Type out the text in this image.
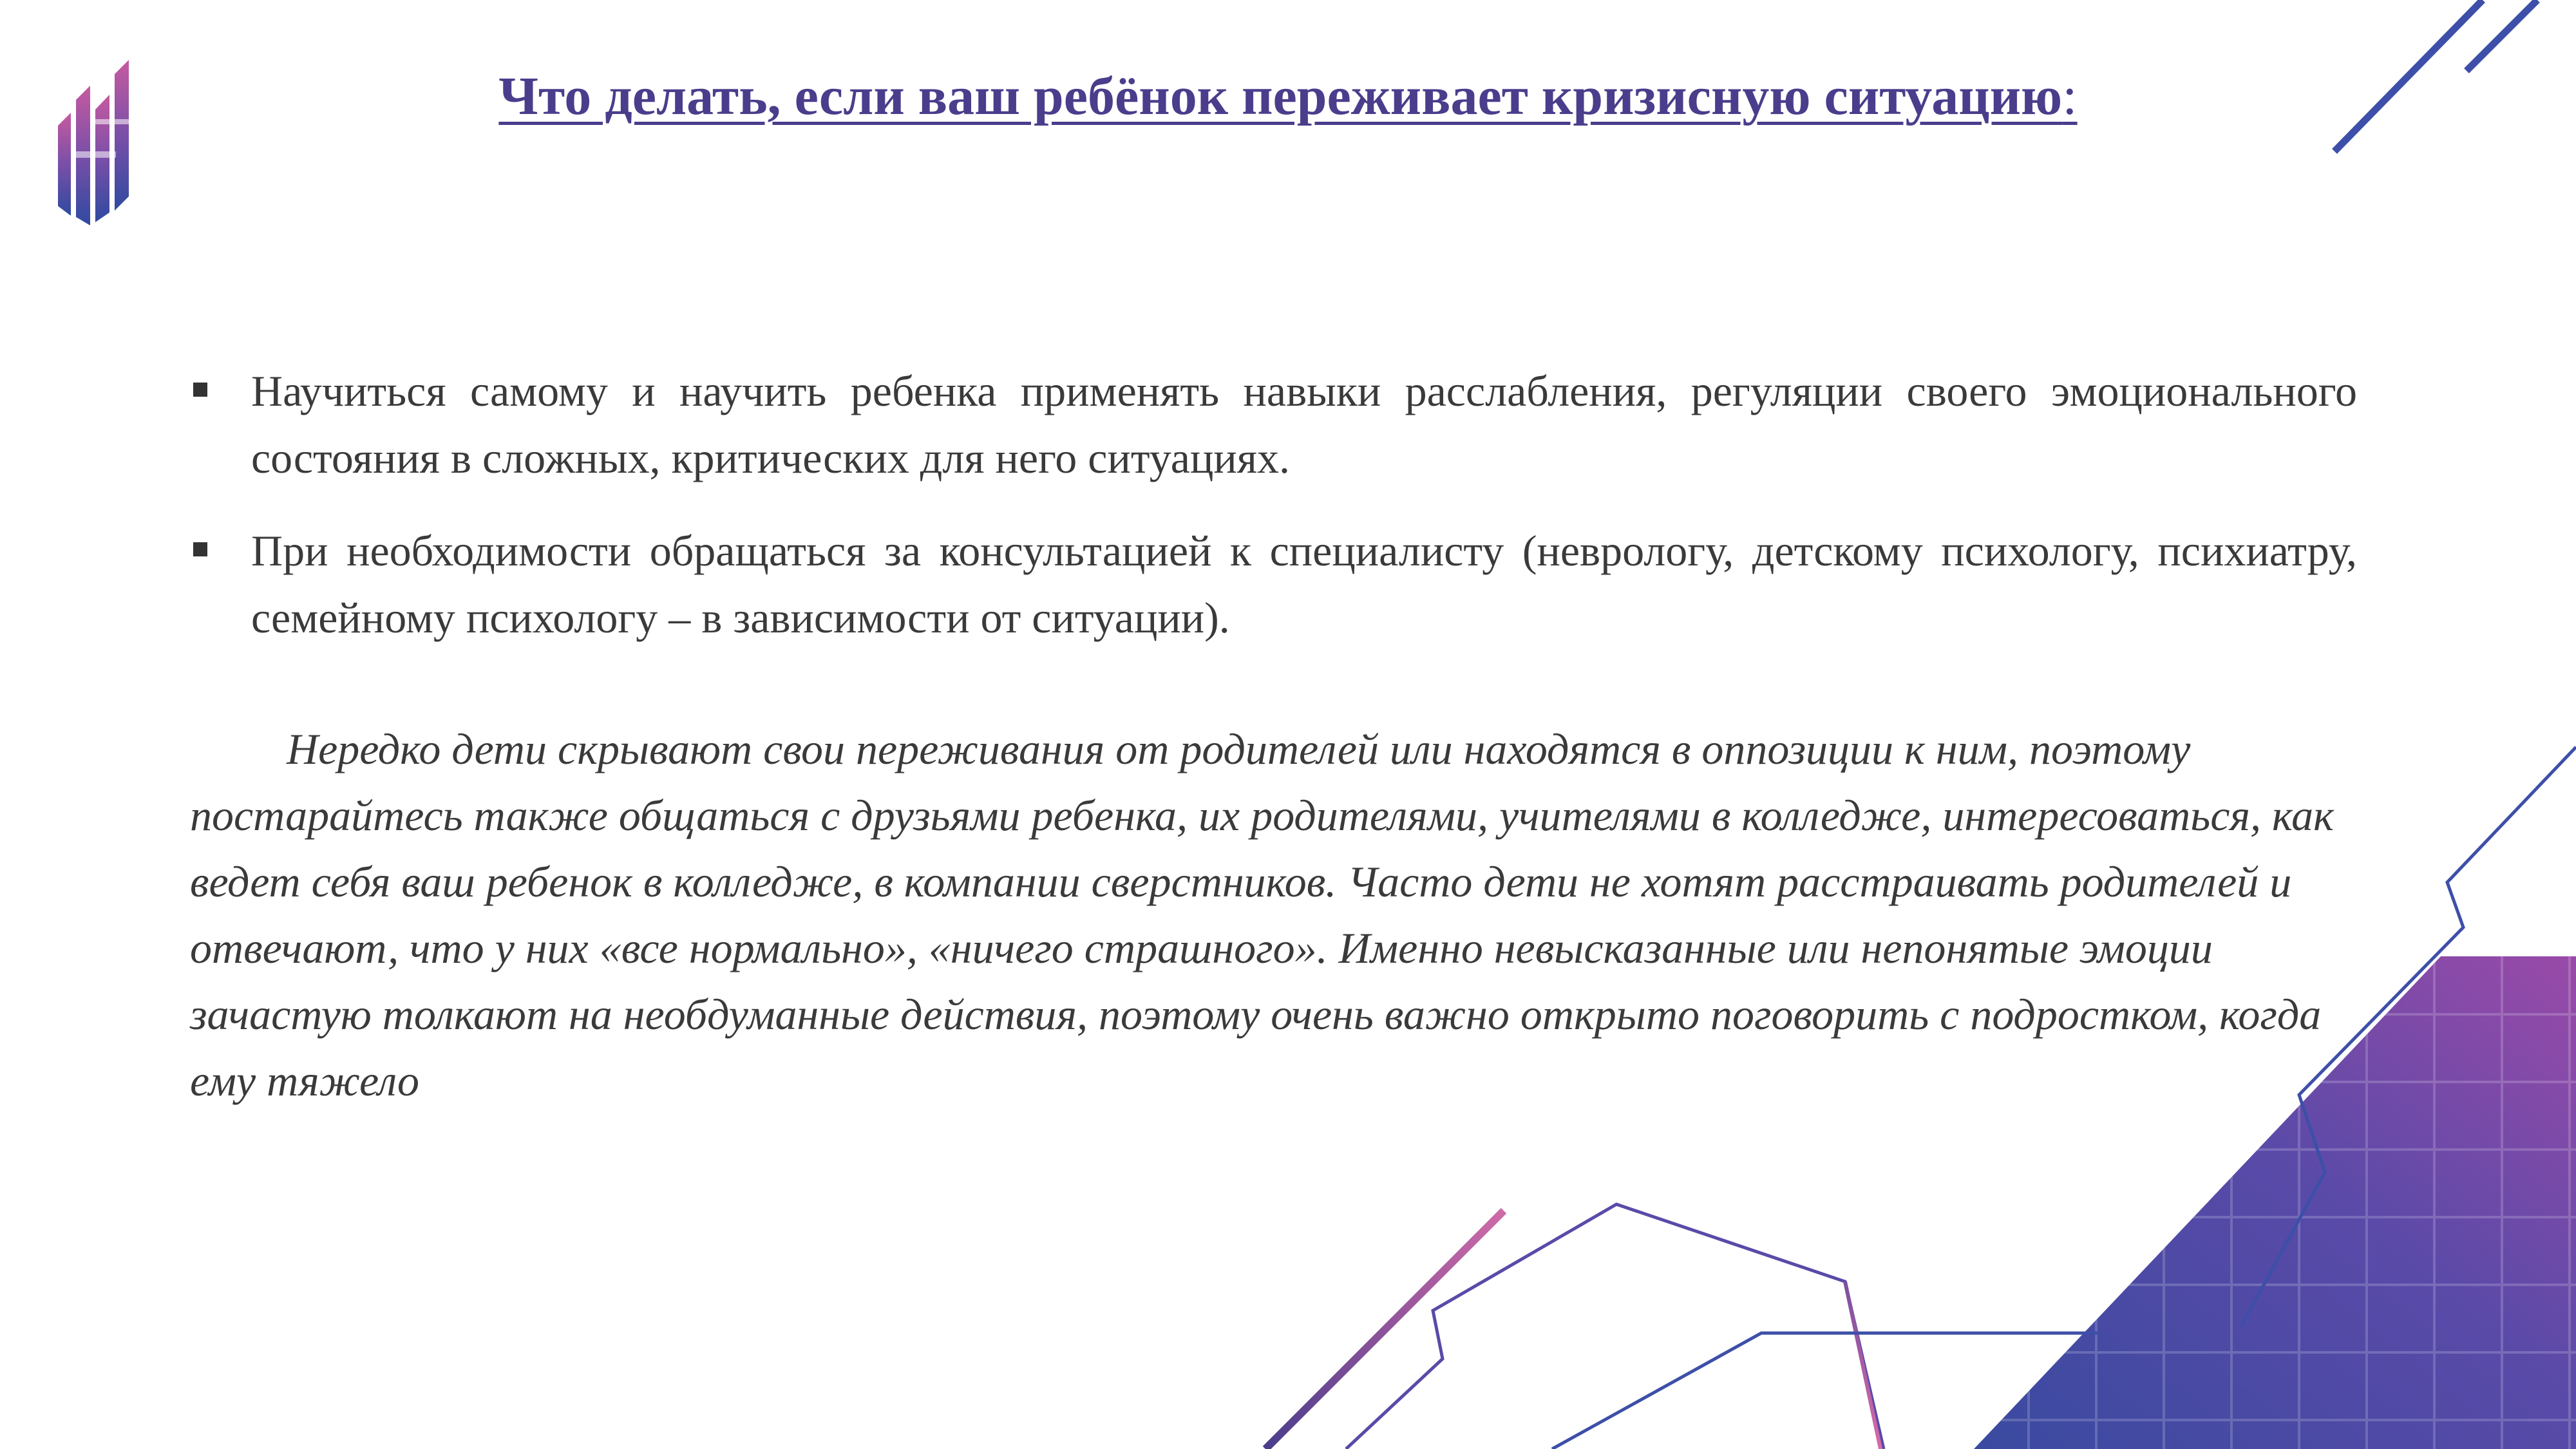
Что делать, если ваш ребёнок переживает кризисную ситуацию:
Научиться самому и научить ребенка применять навыки расслабления, регуляции своего эмоционального состояния в сложных, критических для него ситуациях.
При необходимости обращаться за консультацией к специалисту (неврологу, детскому психологу, психиатру, семейному психологу – в зависимости от ситуации).

Нередко дети скрывают свои переживания от родителей или находятся в оппозиции к ним, поэтому постарайтесь также общаться с друзьями ребенка, их родителями, учителями в колледже, интересоваться, как ведет себя ваш ребенок в колледже, в компании сверстников. Часто дети не хотят расстраивать родителей и отвечают, что у них «все нормально», «ничего страшного». Именно невысказанные или непонятые эмоции зачастую толкают на необдуманные действия, поэтому очень важно открыто поговорить с подростком, когда ему тяжело
